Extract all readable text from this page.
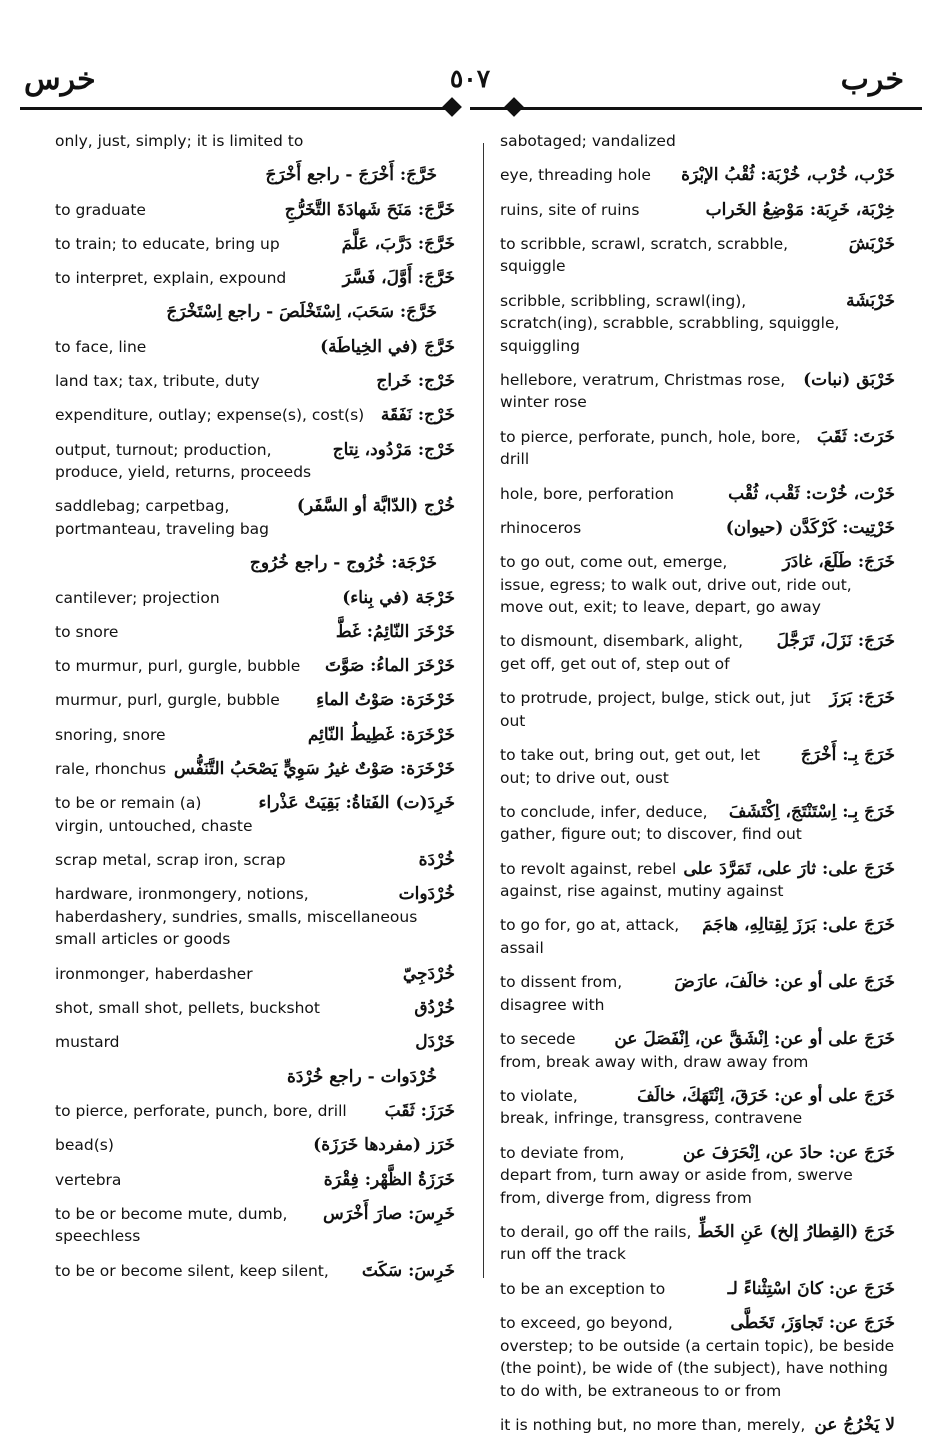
خرس	٥٠٧	خرب
only, just, simply; it is limited to
خَرَّجَ: أَخْرَجَ - راجع أَخْرَجَ
خَرَّجَ: مَنَحَ شَهادَةَ التَّخَرُّجِ
to graduate
خَرَّجَ: دَرَّبَ، عَلَّمَ
to train; to educate, bring up
خَرَّجَ: أَوَّلَ، فَسَّرَ
to interpret, explain, expound
خَرَّجَ: سَحَبَ، اِسْتَخْلَصَ - راجع اِسْتَخْرَجَ
خَرَّجَ (في الخِياطَة)
to face, line
خَرْج: خَراج
land tax; tax, tribute, duty
خَرْج: نَفَقَة
expenditure, outlay; expense(s), cost(s)
خَرْج: مَرْدُود، نِتاج
output, turnout; production, produce, yield, returns, proceeds
خُرْج (الدّابَّة أو السَّفَر)
saddlebag; carpetbag, portmanteau, traveling bag
خَرْجَة: خُرُوج - راجع خُرُوج
خَرْجَة (في بِناء)
cantilever; projection
خَرْخَرَ النّائِمُ: غَطَّ
to snore
خَرْخَرَ الماءُ: صَوَّتَ
to murmur, purl, gurgle, bubble
خَرْخَرَة: صَوْتُ الماءِ
murmur, purl, gurgle, bubble
خَرْخَرَة: غَطِيطُ النّائِم
snoring, snore
خَرْخَرَة: صَوْتٌ غيرُ سَوِيٍّ يَصْحَبُ التَّنَفُّس
rale, rhonchus
خَرِدَ(ت) الفَتاةُ: بَقِيَتْ عَذْراء
to be or remain (a) virgin, untouched, chaste
خُرْدَة
scrap metal, scrap iron, scrap
خُرْدَوات
hardware, ironmongery, notions, haberdashery, sundries, smalls, miscellaneous small articles or goods
خُرْدَجِيّ
ironmonger, haberdasher
خُرْدُق
shot, small shot, pellets, buckshot
خَرْدَل
mustard
خُرْدَوات - راجع خُرْدَة
خَرَزَ: ثَقَبَ
to pierce, perforate, punch, bore, drill
خَرَز (مفردها خَرَزَة)
bead(s)
خَرَزَةُ الظَّهْر: فِقْرَة
vertebra
خَرِسَ: صارَ أَخْرَس
to be or become mute, dumb, speechless
خَرِسَ: سَكَتَ
to be or become silent, keep silent,
sabotaged; vandalized
خَرْب، خُرْب، خُرْبَة: ثُقْبُ الإبْرَة
eye, threading hole
خِرْبَة، خَرِبَة: مَوْضِعُ الخَراب
ruins, site of ruins
خَرْبَشَ
to scribble, scrawl, scratch, scrabble, squiggle
خَرْبَشَة
scribble, scribbling, scrawl(ing), scratch(ing), scrabble, scrabbling, squiggle, squiggling
خَرْبَق (نبات)
hellebore, veratrum, Christmas rose, winter rose
خَرَتَ: ثَقَبَ
to pierce, perforate, punch, hole, bore, drill
خَرْت، خُرْت: ثَقْب، ثُقْب
hole, bore, perforation
خَرْتِيت: كَرْكَدَّن (حيوان)
rhinoceros
خَرَجَ: طَلَعَ، غادَرَ
to go out, come out, emerge, issue, egress; to walk out, drive out, ride out, move out, exit; to leave, depart, go away
خَرَجَ: نَزَلَ، تَرَجَّلَ
to dismount, disembark, alight, get off, get out of, step out of
خَرَجَ: بَرَزَ
to protrude, project, bulge, stick out, jut out
خَرَجَ بِـ: أَخْرَجَ
to take out, bring out, get out, let out; to drive out, oust
خَرَجَ بِـ: اِسْتَنْتَجَ، اِكْتَشَفَ
to conclude, infer, deduce, gather, figure out; to discover, find out
خَرَجَ على: ثارَ على، تَمَرَّدَ على
to revolt against, rebel against, rise against, mutiny against
خَرَجَ على: بَرَزَ لِقِتالِهِ، هاجَمَ
to go for, go at, attack, assail
خَرَجَ على أو عن: خالَفَ، عارَضَ
to dissent from, disagree with
خَرَجَ على أو عن: اِنْشَقَّ عن، اِنْفَصَلَ عن
to secede from, break away with, draw away from
خَرَجَ على أو عن: خَرَقَ، اِنْتَهَكَ، خالَفَ
to violate, break, infringe, transgress, contravene
خَرَجَ عن: حادَ عن، اِنْحَرَفَ عن
to deviate from, depart from, turn away or aside from, swerve from, diverge from, digress from
خَرَجَ (القِطارُ إلخ) عَنِ الخَطِّ
to derail, go off the rails, run off the track
خَرَجَ عن: كانَ اسْتِثْناءً لـ
to be an exception to
خَرَجَ عن: تَجاوَزَ، تَخَطَّى
to exceed, go beyond, overstep; to be outside (a certain topic), be beside (the point), be wide of (the subject), have nothing to do with, be extraneous to or from
لا يَخْرُجُ عن
it is nothing but, no more than, merely,
